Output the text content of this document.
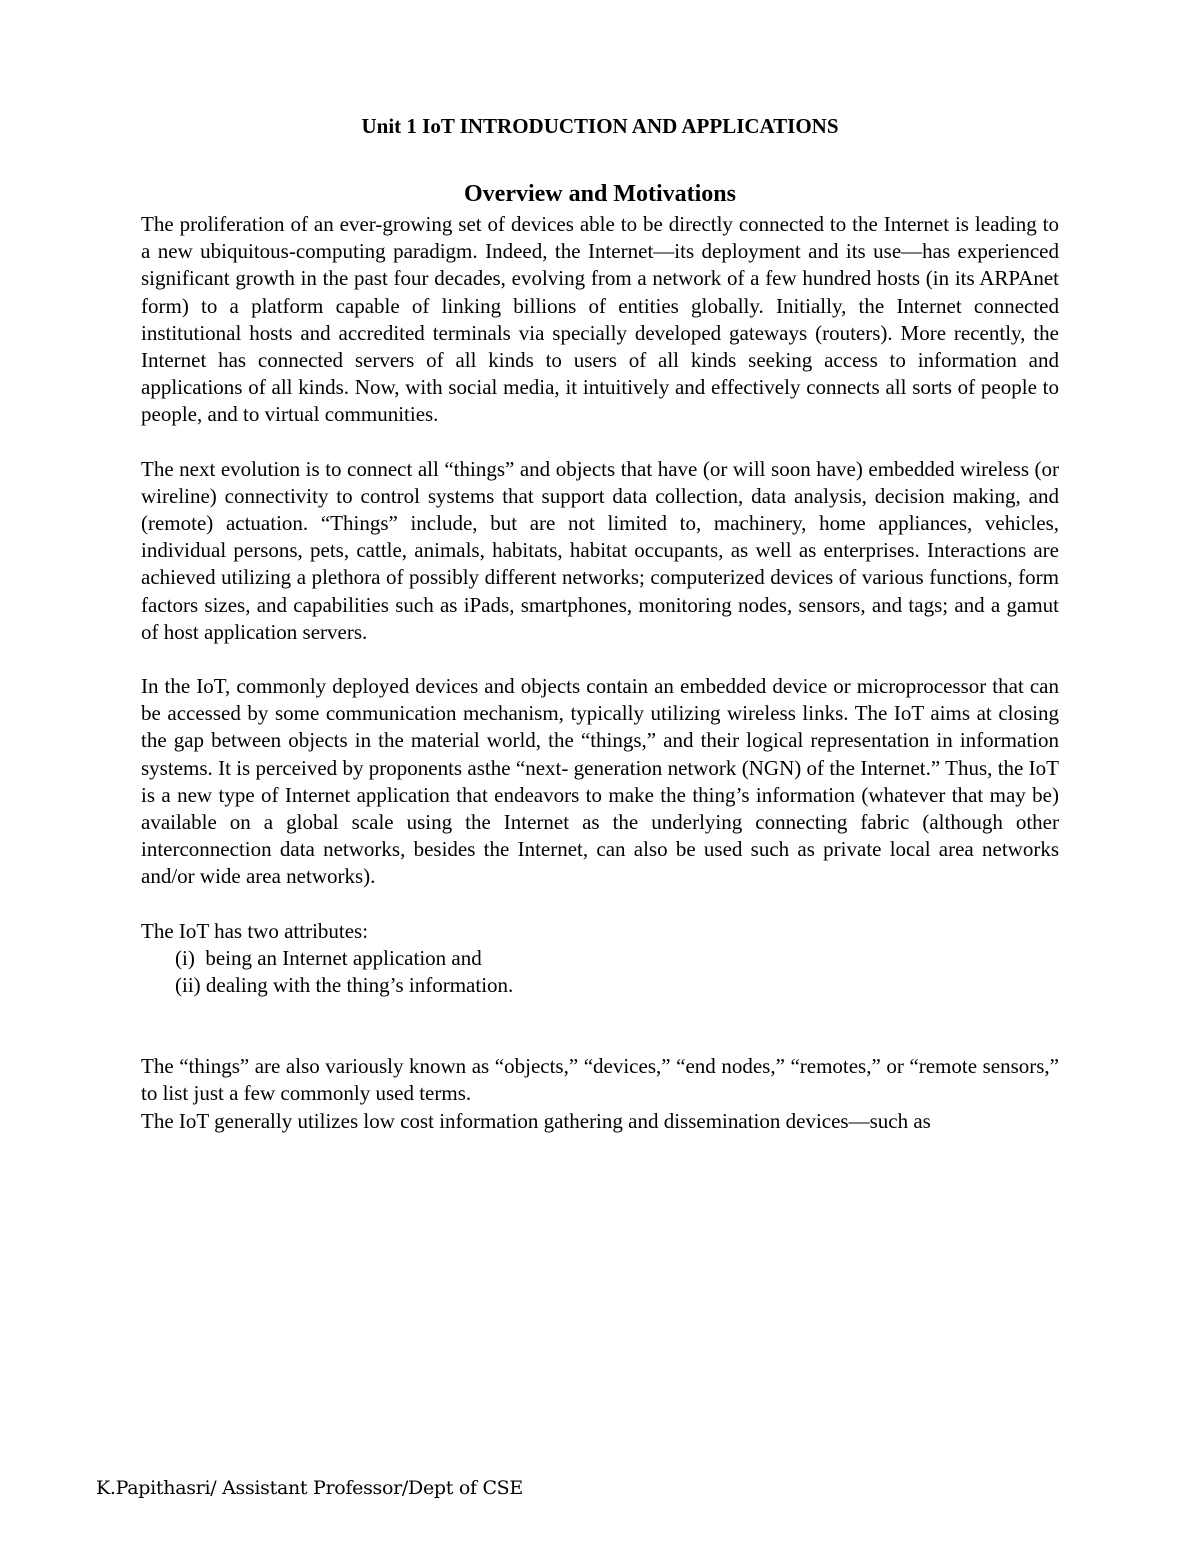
Unit 1 IoT INTRODUCTION AND APPLICATIONS
Overview and Motivations

The proliferation of an ever-growing set of devices able to be directly connected to the Internet is leading to a new ubiquitous-computing paradigm. Indeed, the Internet—its deployment and its use—has experienced significant growth in the past four decades, evolving from a network of a few hundred hosts (in its ARPAnet form) to a platform capable of linking billions of entities globally. Initially, the Internet connected institutional hosts and accredited terminals via specially developed gateways (routers). More recently, the Internet has connected servers of all kinds to users of all kinds seeking access to information and applications of all kinds. Now, with social media, it intuitively and effectively connects all sorts of people to people, and to virtual communities.

The next evolution is to connect all “things” and objects that have (or will soon have) embedded wireless (or wireline) connectivity to control systems that support data collection, data analysis, decision making, and (remote) actuation. “Things” include, but are not limited to, machinery, home appliances, vehicles, individual persons, pets, cattle, animals, habitats, habitat occupants, as well as enterprises. Interactions are achieved utilizing a plethora of possibly different networks; computerized devices of various functions, form factors sizes, and capabilities such as iPads, smartphones, monitoring nodes, sensors, and tags; and a gamut of host application servers.

In the IoT, commonly deployed devices and objects contain an embedded device or microprocessor that can be accessed by some communication mechanism, typically utilizing wireless links. The IoT aims at closing the gap between objects in the material world, the “things,” and their logical representation in information systems. It is perceived by proponents asthe “next- generation network (NGN) of the Internet.” Thus, the IoT is a new type of Internet application that endeavors to make the thing’s information (whatever that may be) available on a global scale using the Internet as the underlying connecting fabric (although other interconnection data networks, besides the Internet, can also be used such as private local area networks and/or wide area networks).

The IoT has two attributes:

(i) being an Internet application and
(ii) dealing with the thing’s information.

The “things” are also variously known as “objects,” “devices,” “end nodes,” “remotes,” or “remote sensors,” to list just a few commonly used terms.

The IoT generally utilizes low cost information gathering and dissemination devices—such as

K.Papithasri/ Assistant Professor/Dept of CSE
